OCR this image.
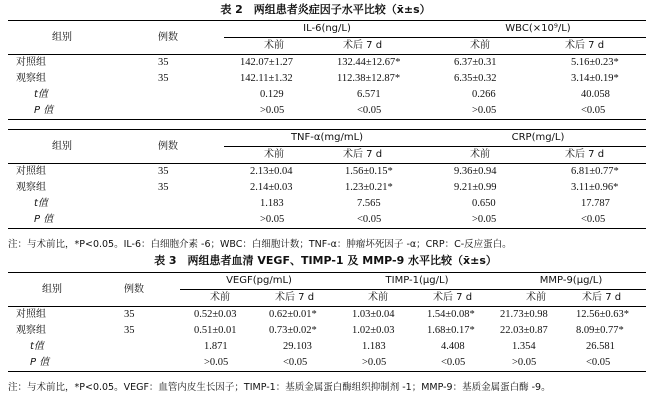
表 2　两组患者炎症因子水平比较（x̄±s）
组别	例数	IL-6(ng/L)		WBC(×10⁹/L)	
		术前	术后 7 d	术前	术后 7 d
对照组	35	142.07±1.27	132.44±12.67*	6.37±0.31	5.16±0.23*
观察组	35	142.11±1.32	112.38±12.87*	6.35±0.32	3.14±0.19*
t值		0.129	6.571	0.266	40.058
P 值		>0.05	<0.05	>0.05	<0.05
组别	例数	TNF-α(mg/mL)		CRP(mg/L)	
		术前	术后 7 d	术前	术后 7 d
对照组	35	2.13±0.04	1.56±0.15*	9.36±0.94	6.81±0.77*
观察组	35	2.14±0.03	1.23±0.21*	9.21±0.99	3.11±0.96*
t值		1.183	7.565	0.650	17.787
P 值		>0.05	<0.05	>0.05	<0.05
注：与术前比，*P<0.05。IL-6：白细胞介素 -6；WBC：白细胞计数；TNF-α：肿瘤坏死因子 -α；CRP：C-反应蛋白。
表 3　两组患者血清 VEGF、TIMP-1 及 MMP-9 水平比较（x̄±s）
组别	例数	VEGF(pg/mL)		TIMP-1(μg/L)		MMP-9(μg/L)	
		术前	术后 7 d	术前	术后 7 d	术前	术后 7 d
对照组	35	0.52±0.03	0.62±0.01*	1.03±0.04	1.54±0.08*	21.73±0.98	12.56±0.63*
观察组	35	0.51±0.01	0.73±0.02*	1.02±0.03	1.68±0.17*	22.03±0.87	8.09±0.77*
t值		1.871	29.103	1.183	4.408	1.354	26.581
P 值		>0.05	<0.05	>0.05	<0.05	>0.05	<0.05
注：与术前比，*P<0.05。VEGF：血管内皮生长因子；TIMP-1：基质金属蛋白酶组织抑制剂 -1；MMP-9：基质金属蛋白酶 -9。
